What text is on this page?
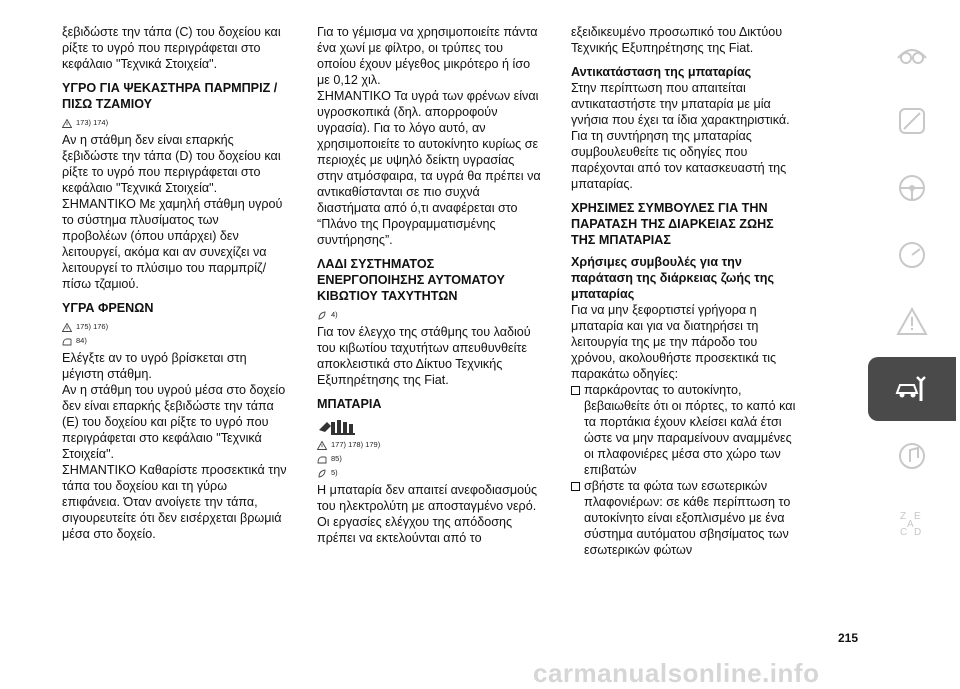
ξεβιδώστε την τάπα (C) του δοχείου και ρίξτε το υγρό που περιγράφεται στο κεφάλαιο "Τεχνικά Στοιχεία".

ΥΓΡΟ ΓΙΑ ΨΕΚΑΣΤΗΡΑ ΠΑΡΜΠΡΙΖ / ΠΙΣΩ ΤΖΑΜΙΟΥ
173) 174)

Αν η στάθμη δεν είναι επαρκής ξεβιδώστε την τάπα (D) του δοχείου και ρίξτε το υγρό που περιγράφεται στο κεφάλαιο "Τεχνικά Στοιχεία".

ΣΗΜΑΝΤΙΚΟ Με χαμηλή στάθμη υγρού το σύστημα πλυσίματος των προβολέων (όπου υπάρχει) δεν λειτουργεί, ακόμα και αν συνεχίζει να λειτουργεί το πλύσιμο του παρμπρίζ/πίσω τζαμιού.

ΥΓΡΑ ΦΡΕΝΩΝ
175) 176)
84)

Ελέγξτε αν το υγρό βρίσκεται στη μέγιστη στάθμη.

Αν η στάθμη του υγρού μέσα στο δοχείο δεν είναι επαρκής ξεβιδώστε την τάπα (E) του δοχείου και ρίξτε το υγρό που περιγράφεται στο κεφάλαιο "Τεχνικά Στοιχεία".

ΣΗΜΑΝΤΙΚΟ Καθαρίστε προσεκτικά την τάπα του δοχείου και τη γύρω επιφάνεια. Όταν ανοίγετε την τάπα, σιγουρευτείτε ότι δεν εισέρχεται βρωμιά μέσα στο δοχείο.

Για το γέμισμα να χρησιμοποιείτε πάντα ένα χωνί με φίλτρο, οι τρύπες του οποίου έχουν μέγεθος μικρότερο ή ίσο με 0,12 χιλ.

ΣΗΜΑΝΤΙΚΟ Τα υγρά των φρένων είναι υγροσκοπικά (δηλ. απορροφούν υγρασία). Για το λόγο αυτό, αν χρησιμοποιείτε το αυτοκίνητο κυρίως σε περιοχές με υψηλό δείκτη υγρασίας στην ατμόσφαιρα, τα υγρά θα πρέπει να αντικαθίστανται σε πιο συχνά διαστήματα από ό,τι αναφέρεται στο “Πλάνο της Προγραμματισμένης συντήρησης”.

ΛΑΔΙ ΣΥΣΤΗΜΑΤΟΣ ΕΝΕΡΓΟΠΟΙΗΣΗΣ ΑΥΤΟΜΑΤΟΥ ΚΙΒΩΤΙΟΥ ΤΑΧΥΤΗΤΩΝ
4)

Για τον έλεγχο της στάθμης του λαδιού του κιβωτίου ταχυτήτων απευθυνθείτε αποκλειστικά στο Δίκτυο Τεχνικής Εξυπηρέτησης της Fiat.

ΜΠΑΤΑΡΙΑ
177) 178) 179)
85)
5)

Η μπαταρία δεν απαιτεί ανεφοδιασμούς του ηλεκτρολύτη με αποσταγμένο νερό.

Οι εργασίες ελέγχου της απόδοσης πρέπει να εκτελούνται από το

εξειδικευμένο προσωπικό του Δικτύου Τεχνικής Εξυπηρέτησης της Fiat.

Αντικατάσταση της μπαταρίας

Στην περίπτωση που απαιτείται αντικαταστήστε την μπαταρία με μία γνήσια που έχει τα ίδια χαρακτηριστικά. Για τη συντήρηση της μπαταρίας συμβουλευθείτε τις οδηγίες που παρέχονται από τον κατασκευαστή της μπαταρίας.

ΧΡΗΣΙΜΕΣ ΣΥΜΒΟΥΛΕΣ ΓΙΑ ΤΗΝ ΠΑΡΑΤΑΣΗ ΤΗΣ ΔΙΑΡΚΕΙΑΣ ΖΩΗΣ ΤΗΣ ΜΠΑΤΑΡΙΑΣ
Χρήσιμες συμβουλές για την παράταση της διάρκειας ζωής της μπαταρίας

Για να μην ξεφορτιστεί γρήγορα η μπαταρία και για να διατηρήσει τη λειτουργία της με την πάροδο του χρόνου, ακολουθήστε προσεκτικά τις παρακάτω οδηγίες:

παρκάροντας το αυτοκίνητο, βεβαιωθείτε ότι οι πόρτες, το καπό και τα πορτάκια έχουν κλείσει καλά έτσι ώστε να μην παραμείνουν αναμμένες οι πλαφονιέρες μέσα στο χώρο των επιβατών
σβήστε τα φώτα των εσωτερικών πλαφονιέρων: σε κάθε περίπτωση το αυτοκίνητο είναι εξοπλισμένο με ένα σύστημα αυτόματου σβησίματος των εσωτερικών φώτων
Z E
C D
A
215
carmanualsonline.info
